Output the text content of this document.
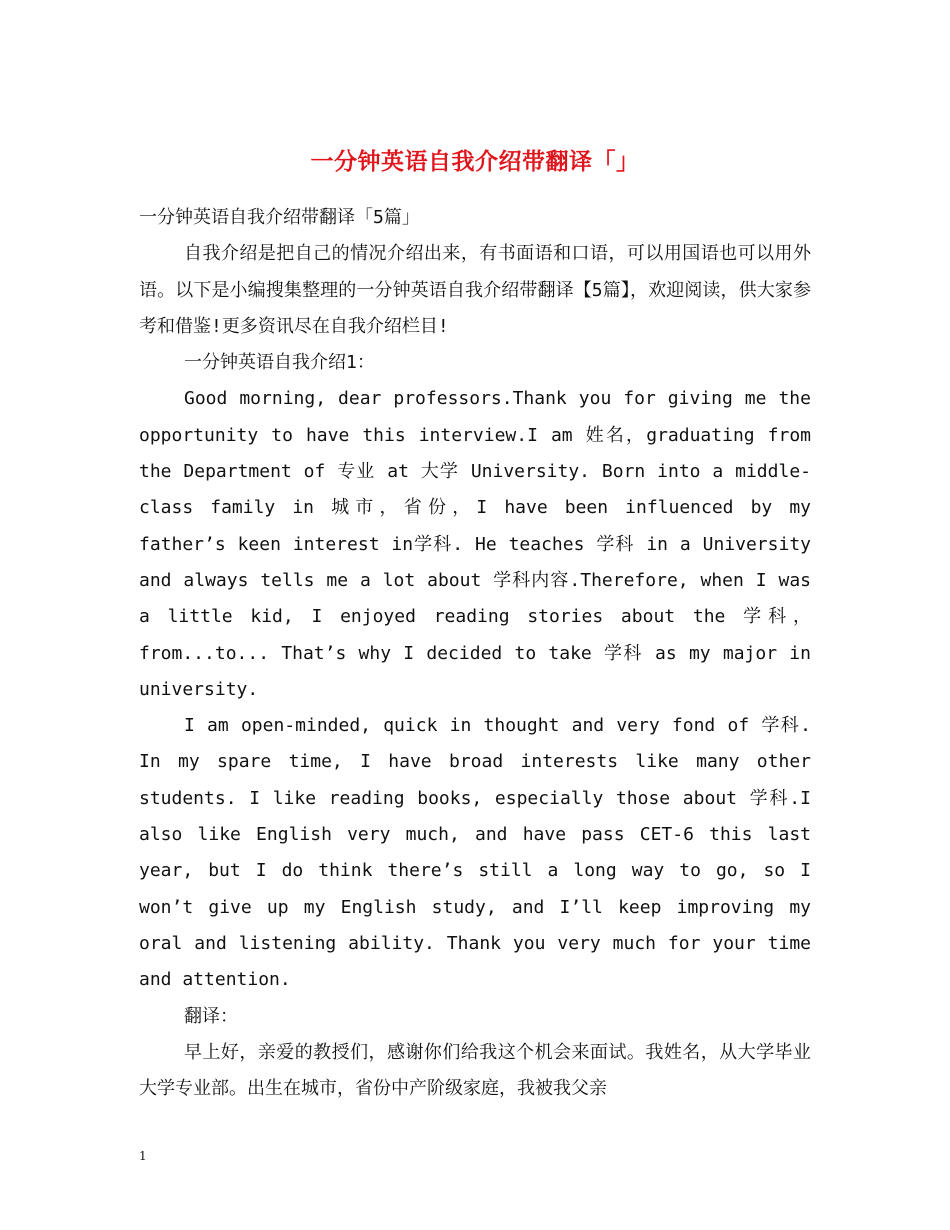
一分钟英语自我介绍带翻译「」

一分钟英语自我介绍带翻译「5篇」

自我介绍是把自己的情况介绍出来，有书面语和口语，可以用国语也可以用外语。以下是小编搜集整理的一分钟英语自我介绍带翻译【5篇】，欢迎阅读，供大家参考和借鉴!更多资讯尽在自我介绍栏目!

一分钟英语自我介绍1：

Good morning, dear professors.Thank you for giving me the opportunity to have this interview.I am 姓名，graduating from the Department of 专业 at 大学 University. Born into a middle-class family in 城市，省份，I have been influenced by my father’s keen interest in学科. He teaches 学科 in a University and always tells me a lot about 学科内容.Therefore, when I was a little kid, I enjoyed reading stories about the 学科，from...to... That’s why I decided to take 学科 as my major in university.

I am open-minded, quick in thought and very fond of 学科. In my spare time, I have broad interests like many other students. I like reading books, especially those about 学科.I also like English very much, and have pass CET-6 this last year, but I do think there’s still a long way to go, so I won’t give up my English study, and I’ll keep improving my oral and listening ability. Thank you very much for your time and attention.

翻译：

早上好，亲爱的教授们，感谢你们给我这个机会来面试。我姓名，从大学毕业大学专业部。出生在城市，省份中产阶级家庭，我被我父亲

1
